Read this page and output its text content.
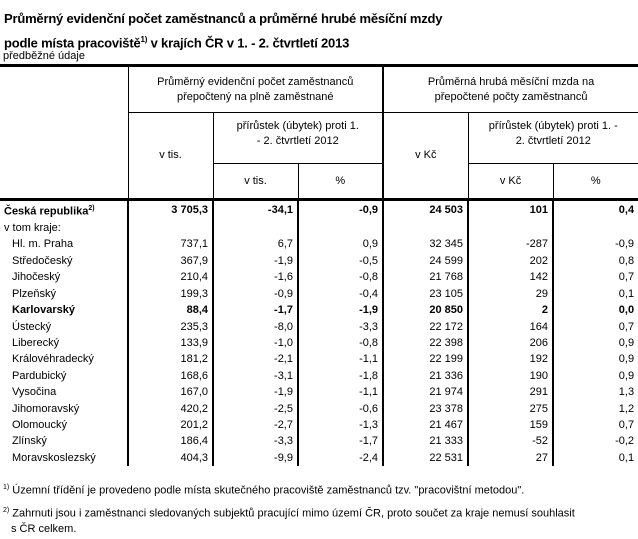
Průměrný evidenční počet zaměstnanců a průměrné hrubé měsíční mzdy
podle místa pracoviště$^{1)}$ v krajích ČR v 1. - 2. čtvrtletí 2013
předběžné údaje
	Průměrný evidenční počet zaměstnanců přepočtený na plně zaměstnané			Průměrná hrubá měsíční mzda na přepočtené počty zaměstnanců		
	v tis.	přírůstek (úbytek) proti 1. - 2. čtvrtletí 2012		v Kč	přírůstek (úbytek) proti 1. - 2. čtvrtletí 2012	
		v tis.	%		v Kč	%
Česká republika$^{2)}$	3 705,3	-34,1	-0,9	24 503	101	0,4
v tom kraje:						
Hl. m. Praha	737,1	6,7	0,9	32 345	-287	-0,9
Středočeský	367,9	-1,9	-0,5	24 599	202	0,8
Jihočeský	210,4	-1,6	-0,8	21 768	142	0,7
Plzeňský	199,3	-0,9	-0,4	23 105	29	0,1
Karlovarský	88,4	-1,7	-1,9	20 850	2	0,0
Ústecký	235,3	-8,0	-3,3	22 172	164	0,7
Liberecký	133,9	-1,0	-0,8	22 398	206	0,9
Královéhradecký	181,2	-2,1	-1,1	22 199	192	0,9
Pardubický	168,6	-3,1	-1,8	21 336	190	0,9
Vysočina	167,0	-1,9	-1,1	21 974	291	1,3
Jihomoravský	420,2	-2,5	-0,6	23 378	275	1,2
Olomoucký	201,2	-2,7	-1,3	21 467	159	0,7
Zlínský	186,4	-3,3	-1,7	21 333	-52	-0,2
Moravskoslezský	404,3	-9,9	-2,4	22 531	27	0,1
$^{1)}$ Územní třídění je provedeno podle místa skutečného pracoviště zaměstnanců tzv. "pracovištní metodou".
$^{2)}$ Zahrnuti jsou i zaměstnanci sledovaných subjektů pracující mimo území ČR, proto součet za kraje nemusí souhlasit
s ČR celkem.
